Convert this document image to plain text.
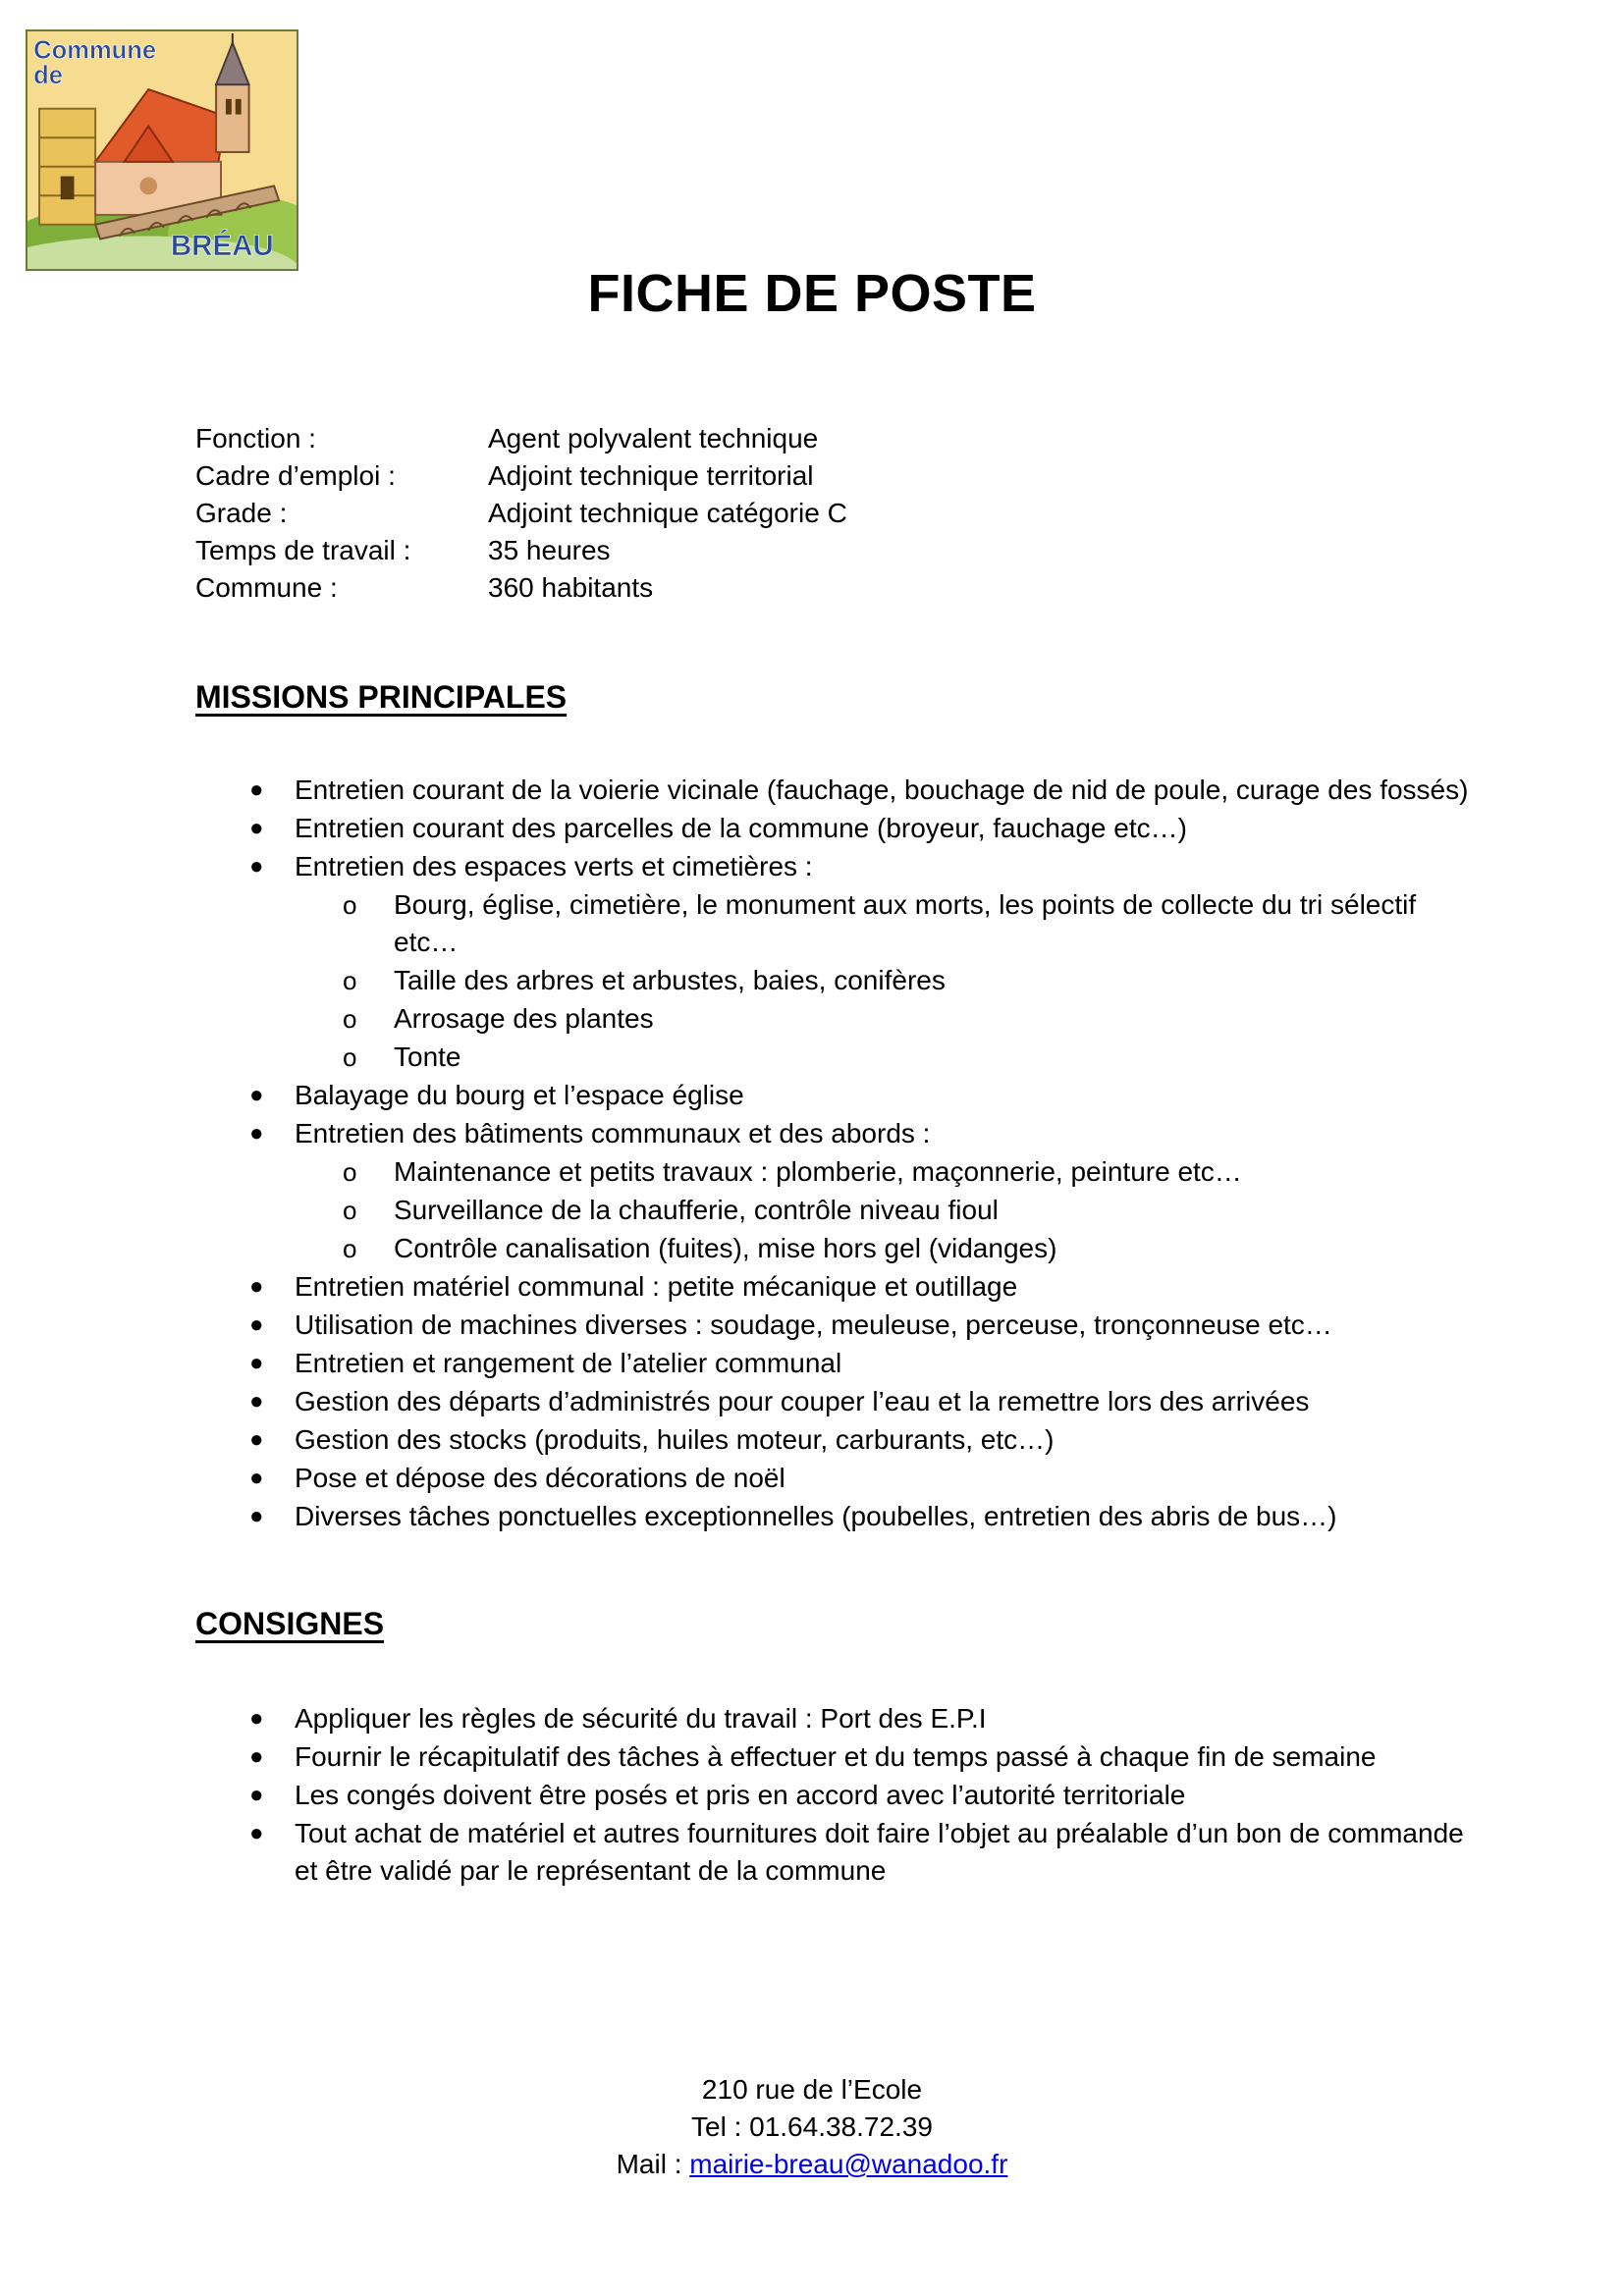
Commune
de
BRÉAU
FICHE DE POSTE
Fonction :	Agent polyvalent technique
Cadre d’emploi :	Adjoint technique territorial
Grade :	Adjoint technique catégorie C
Temps de travail :	35 heures
Commune :	360 habitants
MISSIONS PRINCIPALES
● Entretien courant de la voierie vicinale (fauchage, bouchage de nid de poule, curage des fossés)
● Entretien courant des parcelles de la commune (broyeur, fauchage etc…)
● Entretien des espaces verts et cimetières :
o Bourg, église, cimetière, le monument aux morts, les points de collecte du tri sélectif etc…
o Taille des arbres et arbustes, baies, conifères
o Arrosage des plantes
o Tonte
● Balayage du bourg et l’espace église
● Entretien des bâtiments communaux et des abords :
o Maintenance et petits travaux : plomberie, maçonnerie, peinture etc…
o Surveillance de la chaufferie, contrôle niveau fioul
o Contrôle canalisation (fuites), mise hors gel (vidanges)
● Entretien matériel communal : petite mécanique et outillage
● Utilisation de machines diverses : soudage, meuleuse, perceuse, tronçonneuse etc…
● Entretien et rangement de l’atelier communal
● Gestion des départs d’administrés pour couper l’eau et la remettre lors des arrivées
● Gestion des stocks (produits, huiles moteur, carburants, etc…)
● Pose et dépose des décorations de noël
● Diverses tâches ponctuelles exceptionnelles (poubelles, entretien des abris de bus…)
CONSIGNES
● Appliquer les règles de sécurité du travail : Port des E.P.I
● Fournir le récapitulatif des tâches à effectuer et du temps passé à chaque fin de semaine
● Les congés doivent être posés et pris en accord avec l’autorité territoriale
● Tout achat de matériel et autres fournitures doit faire l’objet au préalable d’un bon de commande et être validé par le représentant de la commune
210 rue de l’Ecole
Tel : 01.64.38.72.39
Mail : mairie-breau@wanadoo.fr
